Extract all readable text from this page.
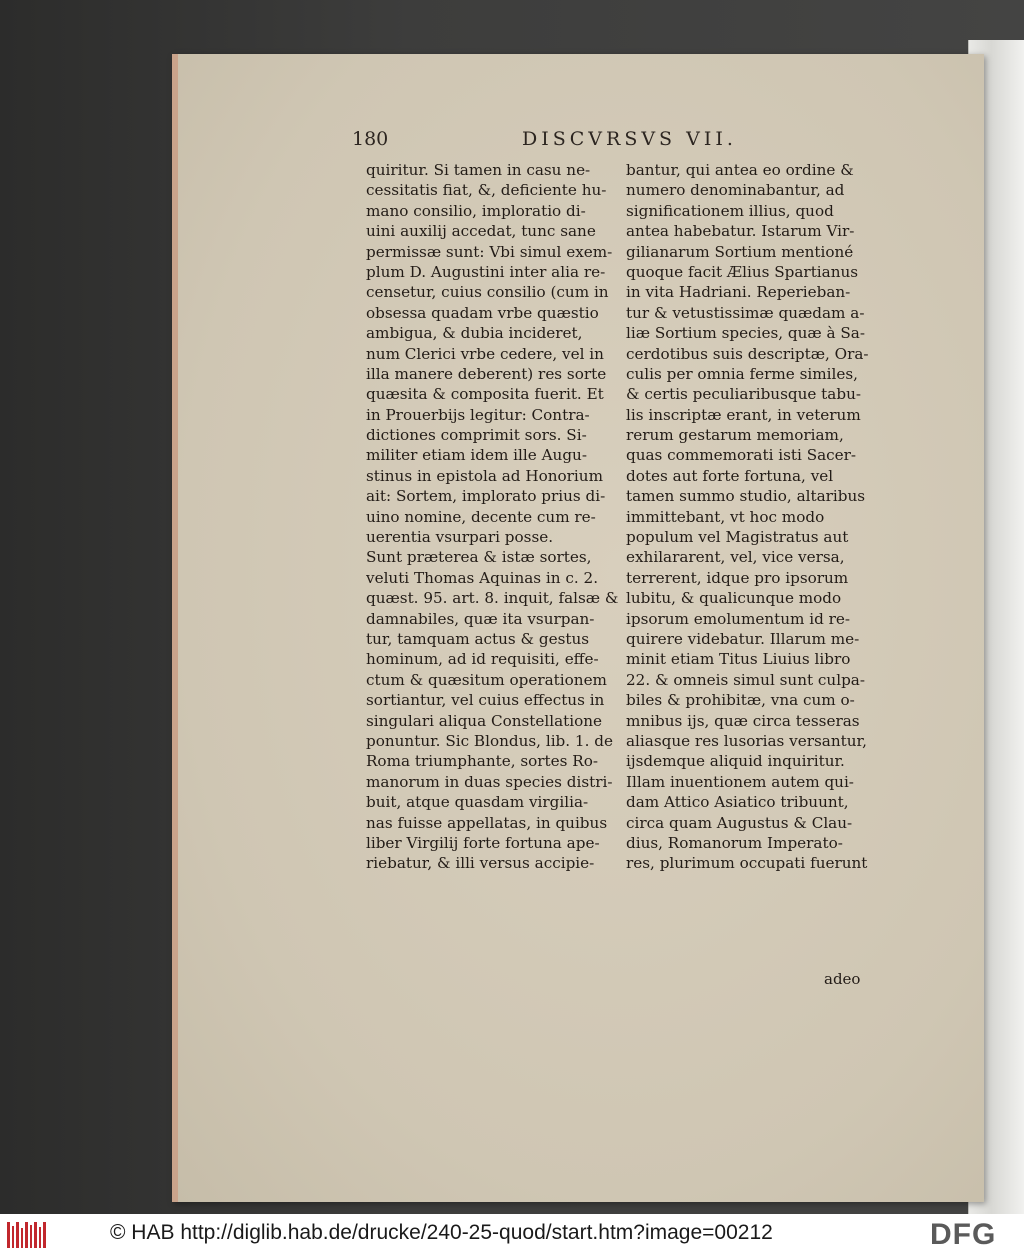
180	DISCVRSVS VII.
quiritur. Si tamen in casu ne-
cessitatis fiat, &, deficiente hu-
mano consilio, imploratio di-
uini auxilij accedat, tunc sane
permissæ sunt: Vbi simul exem-
plum D. Augustini inter alia re-
censetur, cuius consilio (cum in
obsessa quadam vrbe quæstio
ambigua, & dubia incideret,
num Clerici vrbe cedere, vel in
illa manere deberent) res sorte
quæsita & composita fuerit. Et
in Prouerbijs legitur: Contra-
dictiones comprimit sors. Si-
militer etiam idem ille Augu-
stinus in epistola ad Honorium
ait: Sortem, implorato prius di-
uino nomine, decente cum re-
uerentia vsurpari posse.
Sunt præterea & istæ sortes,
veluti Thomas Aquinas in c. 2.
quæst. 95. art. 8. inquit, falsæ &
damnabiles, quæ ita vsurpan-
tur, tamquam actus & gestus
hominum, ad id requisiti, effe-
ctum & quæsitum operationem
sortiantur, vel cuius effectus in
singulari aliqua Constellatione
ponuntur. Sic Blondus, lib. 1. de
Roma triumphante, sortes Ro-
manorum in duas species distri-
buit, atque quasdam virgilia-
nas fuisse appellatas, in quibus
liber Virgilij forte fortuna ape-
riebatur, & illi versus accipie-
bantur, qui antea eo ordine &
numero denominabantur, ad
significationem illius, quod
antea habebatur. Istarum Vir-
gilianarum Sortium mentioné
quoque facit Ælius Spartianus
in vita Hadriani. Reperieban-
tur & vetustissimæ quædam a-
liæ Sortium species, quæ à Sa-
cerdotibus suis descriptæ, Ora-
culis per omnia ferme similes,
& certis peculiaribusque tabu-
lis inscriptæ erant, in veterum
rerum gestarum memoriam,
quas commemorati isti Sacer-
dotes aut forte fortuna, vel
tamen summo studio, altaribus
immittebant, vt hoc modo
populum vel Magistratus aut
exhilararent, vel, vice versa,
terrerent, idque pro ipsorum
lubitu, & qualicunque modo
ipsorum emolumentum id re-
quirere videbatur. Illarum me-
minit etiam Titus Liuius libro
22. & omneis simul sunt culpa-
biles & prohibitæ, vna cum o-
mnibus ijs, quæ circa tesseras
aliasque res lusorias versantur,
ijsdemque aliquid inquiritur.
Illam inuentionem autem qui-
dam Attico Asiatico tribuunt,
circa quam Augustus & Clau-
dius, Romanorum Imperato-
res, plurimum occupati fuerunt
adeo
© HAB http://diglib.hab.de/drucke/240-25-quod/start.htm?image=00212	DFG
